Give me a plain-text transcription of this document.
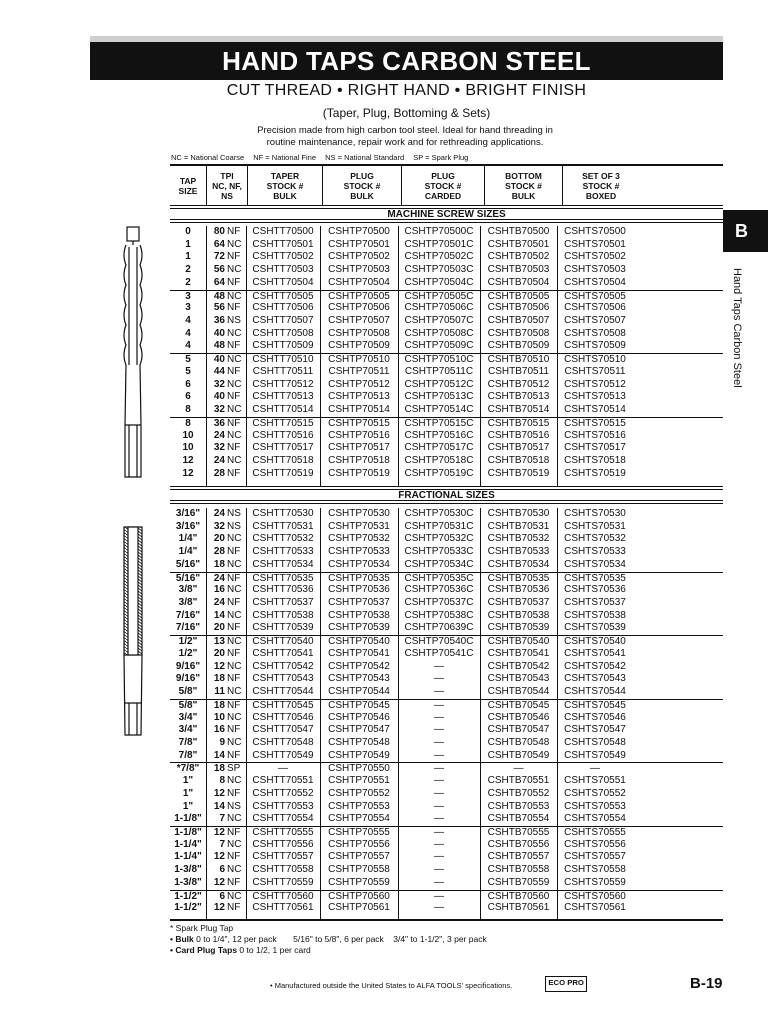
HAND TAPS CARBON STEEL
CUT THREAD • RIGHT HAND • BRIGHT FINISH
(Taper, Plug, Bottoming & Sets)
Precision made from high carbon tool steel. Ideal for hand threading in
routine maintenance, repair work and for rethreading applications.
NC = National Coarse NF = National Fine NS = National Standard SP = Spark Plug
B
Hand Taps Carbon Steel
TAP
SIZE
TPI
NC, NF, NS
TAPER
STOCK #
BULK
PLUG
STOCK #
BULK
PLUG
STOCK #
CARDED
BOTTOM
STOCK #
BULK
SET OF 3
STOCK #
BOXED
MACHINE SCREW SIZES
0	80 NF	CSHTT70500	CSHTP70500	CSHTP70500C	CSHTB70500	CSHTS70500
1	64 NC	CSHTT70501	CSHTP70501	CSHTP70501C	CSHTB70501	CSHTS70501
1	72 NF	CSHTT70502	CSHTP70502	CSHTP70502C	CSHTB70502	CSHTS70502
2	56 NC	CSHTT70503	CSHTP70503	CSHTP70503C	CSHTB70503	CSHTS70503
2	64 NF	CSHTT70504	CSHTP70504	CSHTP70504C	CSHTB70504	CSHTS70504
3	48 NC	CSHTT70505	CSHTP70505	CSHTP70505C	CSHTB70505	CSHTS70505
3	56 NF	CSHTT70506	CSHTP70506	CSHTP70506C	CSHTB70506	CSHTS70506
4	36 NS	CSHTT70507	CSHTP70507	CSHTP70507C	CSHTB70507	CSHTS70507
4	40 NC	CSHTT70508	CSHTP70508	CSHTP70508C	CSHTB70508	CSHTS70508
4	48 NF	CSHTT70509	CSHTP70509	CSHTP70509C	CSHTB70509	CSHTS70509
5	40 NC	CSHTT70510	CSHTP70510	CSHTP70510C	CSHTB70510	CSHTS70510
5	44 NF	CSHTT70511	CSHTP70511	CSHTP70511C	CSHTB70511	CSHTS70511
6	32 NC	CSHTT70512	CSHTP70512	CSHTP70512C	CSHTB70512	CSHTS70512
6	40 NF	CSHTT70513	CSHTP70513	CSHTP70513C	CSHTB70513	CSHTS70513
8	32 NC	CSHTT70514	CSHTP70514	CSHTP70514C	CSHTB70514	CSHTS70514
8	36 NF	CSHTT70515	CSHTP70515	CSHTP70515C	CSHTB70515	CSHTS70515
10	24 NC	CSHTT70516	CSHTP70516	CSHTP70516C	CSHTB70516	CSHTS70516
10	32 NF	CSHTT70517	CSHTP70517	CSHTP70517C	CSHTB70517	CSHTS70517
12	24 NC	CSHTT70518	CSHTP70518	CSHTP70518C	CSHTB70518	CSHTS70518
12	28 NF	CSHTT70519	CSHTP70519	CSHTP70519C	CSHTB70519	CSHTS70519
FRACTIONAL SIZES
3/16"	24 NS	CSHTT70530	CSHTP70530	CSHTP70530C	CSHTB70530	CSHTS70530
3/16"	32 NS	CSHTT70531	CSHTP70531	CSHTP70531C	CSHTB70531	CSHTS70531
1/4"	20 NC	CSHTT70532	CSHTP70532	CSHTP70532C	CSHTB70532	CSHTS70532
1/4"	28 NF	CSHTT70533	CSHTP70533	CSHTP70533C	CSHTB70533	CSHTS70533
5/16"	18 NC	CSHTT70534	CSHTP70534	CSHTP70534C	CSHTB70534	CSHTS70534
5/16"	24 NF	CSHTT70535	CSHTP70535	CSHTP70535C	CSHTB70535	CSHTS70535
3/8"	16 NC	CSHTT70536	CSHTP70536	CSHTP70536C	CSHTB70536	CSHTS70536
3/8"	24 NF	CSHTT70537	CSHTP70537	CSHTP70537C	CSHTB70537	CSHTS70537
7/16"	14 NC	CSHTT70538	CSHTP70538	CSHTP70538C	CSHTB70538	CSHTS70538
7/16"	20 NF	CSHTT70539	CSHTP70539	CSHTP70639C	CSHTB70539	CSHTS70539
1/2"	13 NC	CSHTT70540	CSHTP70540	CSHTP70540C	CSHTB70540	CSHTS70540
1/2"	20 NF	CSHTT70541	CSHTP70541	CSHTP70541C	CSHTB70541	CSHTS70541
9/16"	12 NC	CSHTT70542	CSHTP70542	—	CSHTB70542	CSHTS70542
9/16"	18 NF	CSHTT70543	CSHTP70543	—	CSHTB70543	CSHTS70543
5/8"	11 NC	CSHTT70544	CSHTP70544	—	CSHTB70544	CSHTS70544
5/8"	18 NF	CSHTT70545	CSHTP70545	—	CSHTB70545	CSHTS70545
3/4"	10 NC	CSHTT70546	CSHTP70546	—	CSHTB70546	CSHTS70546
3/4"	16 NF	CSHTT70547	CSHTP70547	—	CSHTB70547	CSHTS70547
7/8"	9 NC	CSHTT70548	CSHTP70548	—	CSHTB70548	CSHTS70548
7/8"	14 NF	CSHTT70549	CSHTP70549	—	CSHTB70549	CSHTS70549
*7/8"	18 SP	—	CSHTP70550	—	—	—
1"	8 NC	CSHTT70551	CSHTP70551	—	CSHTB70551	CSHTS70551
1"	12 NF	CSHTT70552	CSHTP70552	—	CSHTB70552	CSHTS70552
1"	14 NS	CSHTT70553	CSHTP70553	—	CSHTB70553	CSHTS70553
1-1/8"	7 NC	CSHTT70554	CSHTP70554	—	CSHTB70554	CSHTS70554
1-1/8"	12 NF	CSHTT70555	CSHTP70555	—	CSHTB70555	CSHTS70555
1-1/4"	7 NC	CSHTT70556	CSHTP70556	—	CSHTB70556	CSHTS70556
1-1/4"	12 NF	CSHTT70557	CSHTP70557	—	CSHTB70557	CSHTS70557
1-3/8"	6 NC	CSHTT70558	CSHTP70558	—	CSHTB70558	CSHTS70558
1-3/8"	12 NF	CSHTT70559	CSHTP70559	—	CSHTB70559	CSHTS70559
1-1/2"	6 NC	CSHTT70560	CSHTP70560	—	CSHTB70560	CSHTS70560
1-1/2"	12 NF	CSHTT70561	CSHTP70561	—	CSHTB70561	CSHTS70561
* Spark Plug Tap
• Bulk 0 to 1/4", 12 per pack       5/16" to 5/8", 6 per pack    3/4" to 1-1/2", 3 per pack
• Card Plug Taps 0 to 1/2, 1 per card
• Manufactured outside the United States to ALFA TOOLS' specifications.	ECO PRO	B-19
